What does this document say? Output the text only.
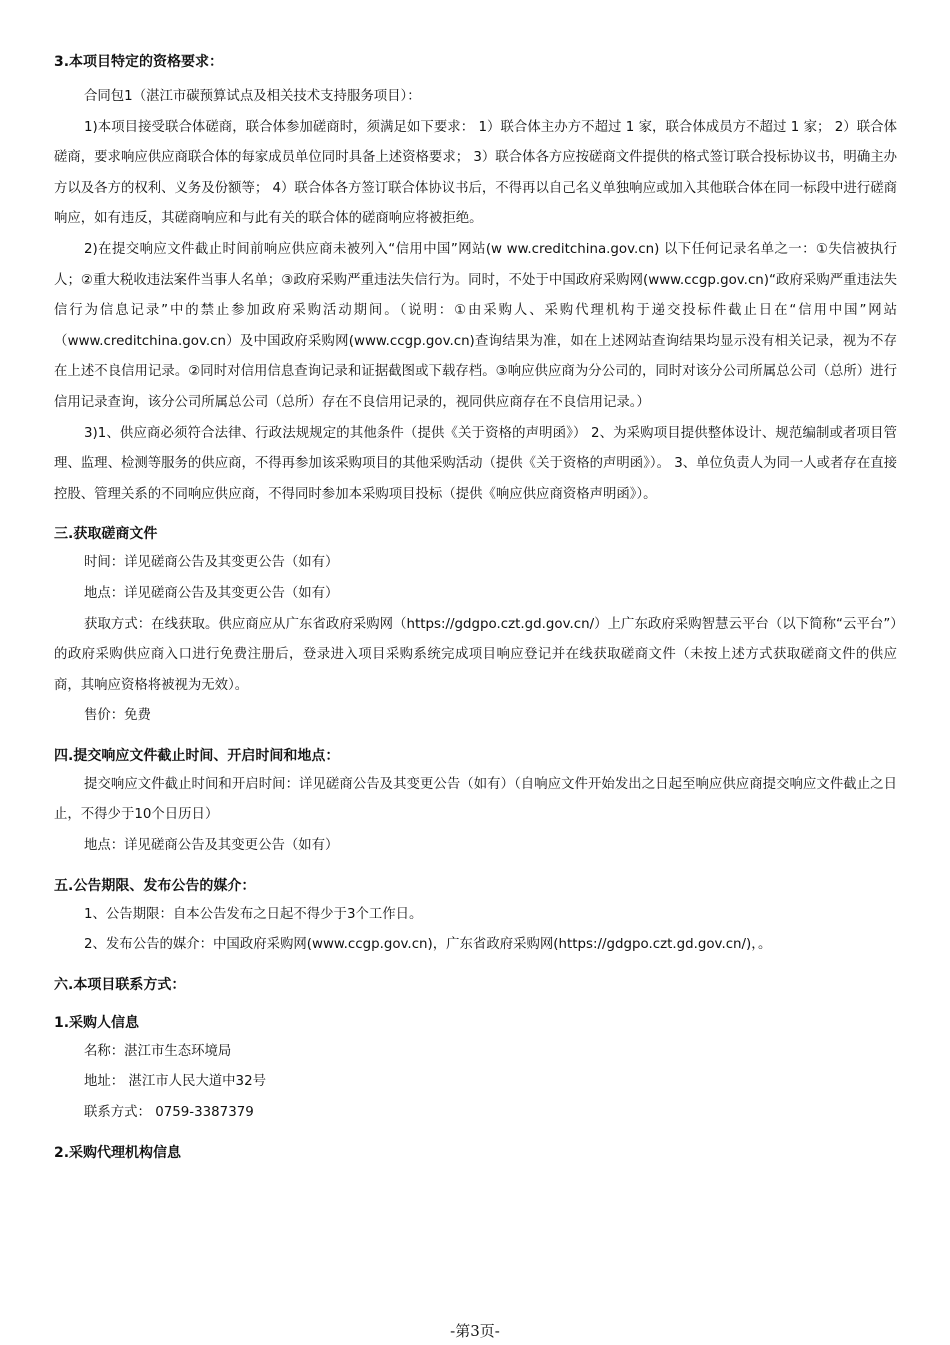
3.本项目特定的资格要求：

合同包1（湛江市碳预算试点及相关技术支持服务项目）：

1)本项目接受联合体磋商，联合体参加磋商时，须满足如下要求： 1）联合体主办方不超过 1 家，联合体成员方不超过 1 家； 2）联合体磋商，要求响应供应商联合体的每家成员单位同时具备上述资格要求； 3）联合体各方应按磋商文件提供的格式签订联合投标协议书，明确主办方以及各方的权利、义务及份额等； 4）联合体各方签订联合体协议书后，不得再以自己名义单独响应或加入其他联合体在同一标段中进行磋商响应，如有违反，其磋商响应和与此有关的联合体的磋商响应将被拒绝。

2)在提交响应文件截止时间前响应供应商未被列入“信用中国”网站(w ww.creditchina.gov.cn) 以下任何记录名单之一：①失信被执行人；②重大税收违法案件当事人名单；③政府采购严重违法失信行为。同时，不处于中国政府采购网(www.ccgp.gov.cn)“政府采购严重违法失信行为信息记录”中的禁止参加政府采购活动期间。（说明：①由采购人、采购代理机构于递交投标件截止日在“信用中国”网站（www.creditchina.gov.cn）及中国政府采购网(www.ccgp.gov.cn)查询结果为准，如在上述网站查询结果均显示没有相关记录，视为不存在上述不良信用记录。②同时对信用信息查询记录和证据截图或下载存档。③响应供应商为分公司的，同时对该分公司所属总公司（总所）进行信用记录查询，该分公司所属总公司（总所）存在不良信用记录的，视同供应商存在不良信用记录。）

3)1、供应商必须符合法律、行政法规规定的其他条件（提供《关于资格的声明函》） 2、为采购项目提供整体设计、规范编制或者项目管理、监理、检测等服务的供应商，不得再参加该采购项目的其他采购活动（提供《关于资格的声明函》）。 3、单位负责人为同一人或者存在直接控股、管理关系的不同响应供应商，不得同时参加本采购项目投标（提供《响应供应商资格声明函》）。

三.获取磋商文件

时间：详见磋商公告及其变更公告（如有）

地点：详见磋商公告及其变更公告（如有）

获取方式：在线获取。供应商应从广东省政府采购网（https://gdgpo.czt.gd.gov.cn/）上广东政府采购智慧云平台（以下简称“云平台”）的政府采购供应商入口进行免费注册后，登录进入项目采购系统完成项目响应登记并在线获取磋商文件（未按上述方式获取磋商文件的供应商，其响应资格将被视为无效）。

售价：免费

四.提交响应文件截止时间、开启时间和地点：

提交响应文件截止时间和开启时间：详见磋商公告及其变更公告（如有）（自响应文件开始发出之日起至响应供应商提交响应文件截止之日止，不得少于10个日历日）

地点：详见磋商公告及其变更公告（如有）

五.公告期限、发布公告的媒介：

1、公告期限：自本公告发布之日起不得少于3个工作日。

2、发布公告的媒介：中国政府采购网(www.ccgp.gov.cn)，广东省政府采购网(https://gdgpo.czt.gd.gov.cn/)，。

六.本项目联系方式：

1.采购人信息

名称：湛江市生态环境局

地址： 湛江市人民大道中32号

联系方式： 0759-3387379

2.采购代理机构信息

-第3页-
